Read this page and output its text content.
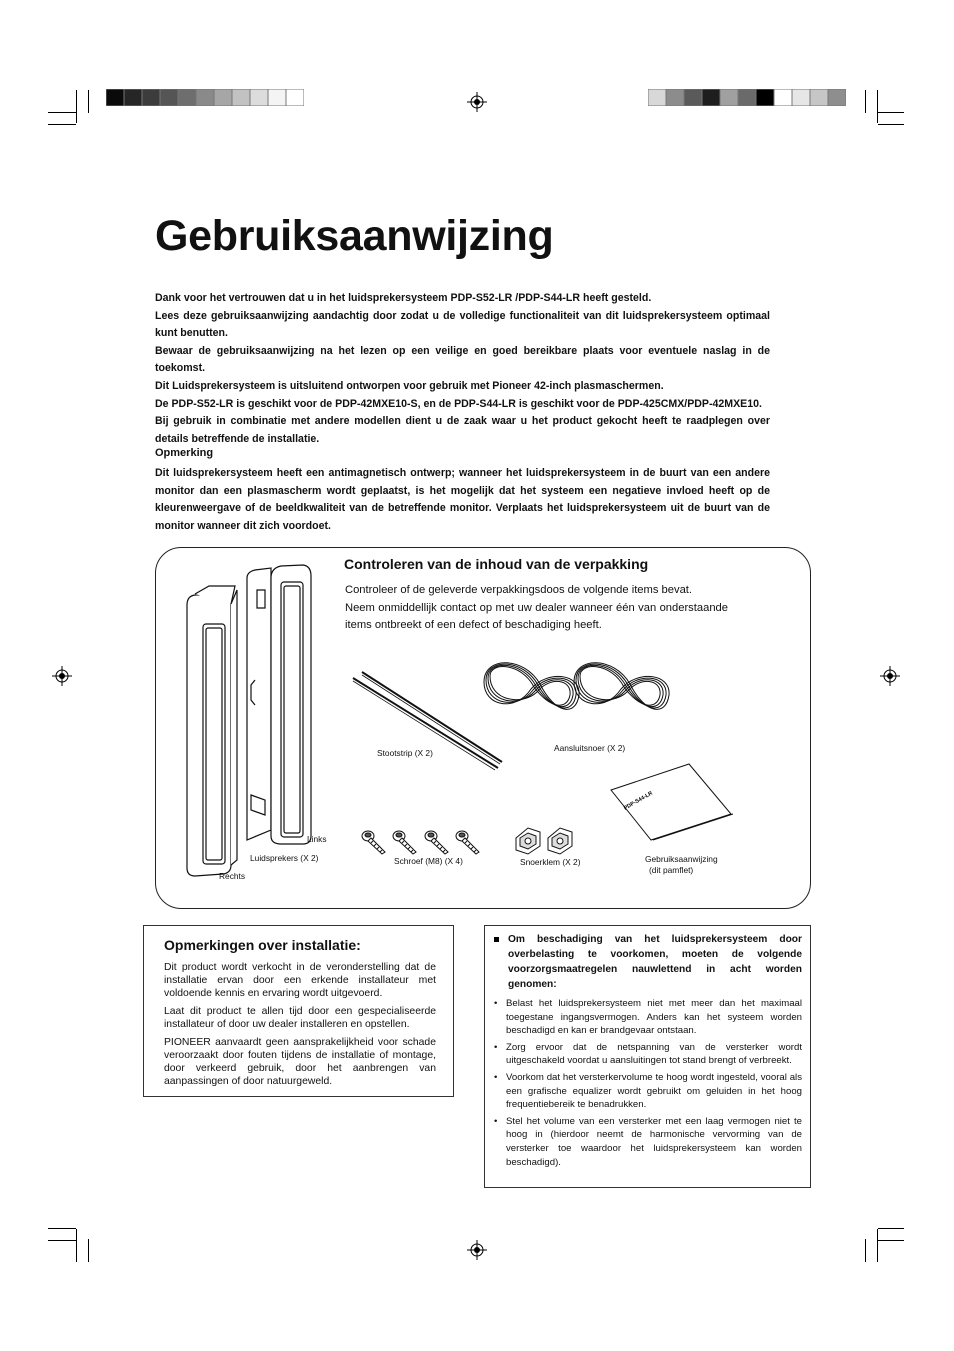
Gebruiksaanwijzing

Dank voor het vertrouwen dat u in het luidsprekersysteem PDP-S52-LR /PDP-S44-LR heeft gesteld.

Lees deze gebruiksaanwijzing aandachtig door zodat u de volledige functionaliteit van dit luidsprekersysteem optimaal kunt benutten.

Bewaar de gebruiksaanwijzing na het lezen op een veilige en goed bereikbare plaats voor eventuele naslag in de toekomst.

Dit Luidsprekersysteem is uitsluitend ontworpen voor gebruik met Pioneer 42-inch plasmaschermen.

De PDP-S52-LR is geschikt voor de PDP-42MXE10-S, en de PDP-S44-LR is geschikt voor de PDP-425CMX/PDP-42MXE10.

Bij gebruik in combinatie met andere modellen dient u de zaak waar u het product gekocht heeft te raadplegen over details betreffende de installatie.

Opmerking

Dit luidsprekersysteem heeft een antimagnetisch ontwerp; wanneer het luidsprekersysteem in de buurt van een andere monitor dan een plasmascherm wordt geplaatst, is het mogelijk dat het systeem een negatieve invloed heeft op de kleurenweergave of de beeldkwaliteit van de betreffende monitor. Verplaats het luidsprekersysteem uit de buurt van de monitor wanneer dit zich voordoet.

Controleren van de inhoud van de verpakking
Controleer of de geleverde verpakkingsdoos de volgende items bevat.
Neem onmiddellijk contact op met uw dealer wanneer één van onderstaande items ontbreekt of een defect of beschadiging heeft.
Links
Luidsprekers (X 2)
Rechts
Stootstrip (X 2)	Aansluitsnoer (X 2)
PDP-S44-LR
Gebruiksaanwijzing
(dit pamflet)
Schroef (M8) (X 4)	Snoerklem (X 2)
Opmerkingen over installatie:

Dit product wordt verkocht in de veronderstelling dat de installatie ervan door een erkende installateur met voldoende kennis en ervaring wordt uitgevoerd.

Laat dit product te allen tijd door een gespecialiseerde installateur of door uw dealer installeren en opstellen.

PIONEER aanvaardt geen aansprakelijkheid voor schade veroorzaakt door fouten tijdens de installatie of montage, door verkeerd gebruik, door het aanbrengen van aanpassingen of door natuurgeweld.

Om beschadiging van het luidsprekersysteem door overbelasting te voorkomen, moeten de volgende voorzorgsmaatregelen nauwlettend in acht worden genomen:
• Belast het luidsprekersysteem niet met meer dan het maximaal toegestane ingangsvermogen. Anders kan het systeem worden beschadigd en kan er brandgevaar ontstaan.
• Zorg ervoor dat de netspanning van de versterker wordt uitgeschakeld voordat u aansluitingen tot stand brengt of verbreekt.
• Voorkom dat het versterkervolume te hoog wordt ingesteld, vooral als een grafische equalizer wordt gebruikt om geluiden in het hoog frequentiebereik te benadrukken.
• Stel het volume van een versterker met een laag vermogen niet te hoog in (hierdoor neemt de harmonische vervorming van de versterker toe waardoor het luidsprekersysteem kan worden beschadigd).
